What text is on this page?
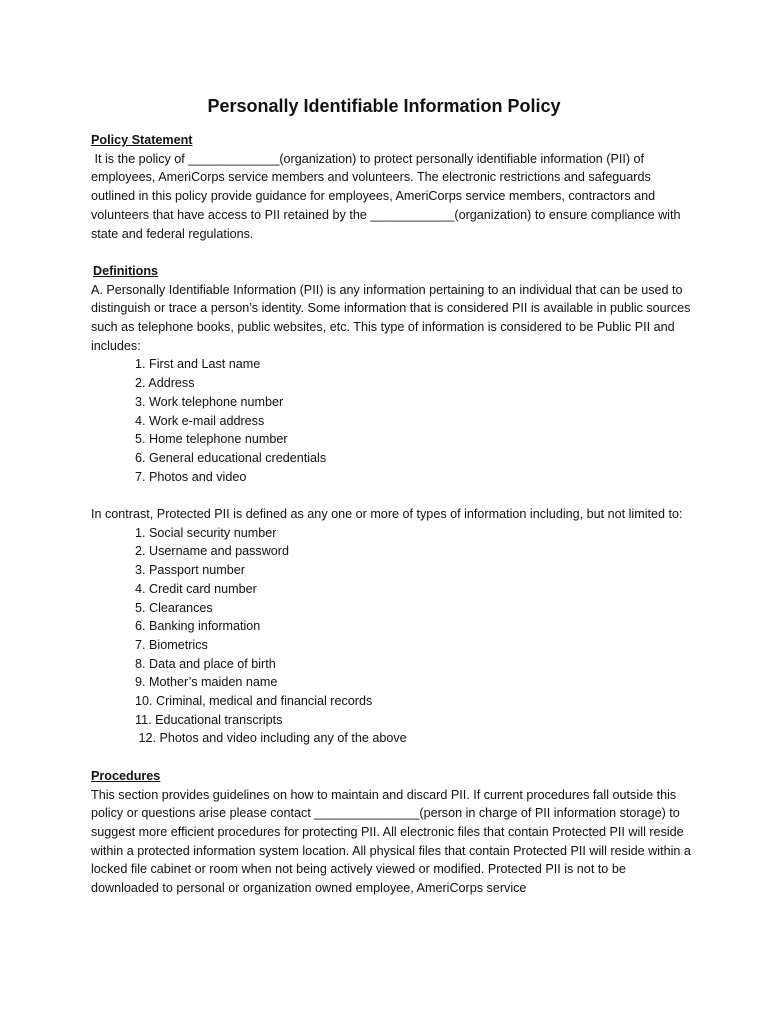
Personally Identifiable Information Policy
Policy Statement

It is the policy of _____________(organization) to protect personally identifiable information (PII) of employees, AmeriCorps service members and volunteers. The electronic restrictions and safeguards outlined in this policy provide guidance for employees, AmeriCorps service members, contractors and volunteers that have access to PII retained by the ____________(organization) to ensure compliance with state and federal regulations.

Definitions

A. Personally Identifiable Information (PII) is any information pertaining to an individual that can be used to distinguish or trace a person’s identity. Some information that is considered PII is available in public sources such as telephone books, public websites, etc. This type of information is considered to be Public PII and includes:

1. First and Last name
2. Address
3. Work telephone number
4. Work e-mail address
5. Home telephone number
6. General educational credentials
7. Photos and video

In contrast, Protected PII is defined as any one or more of types of information including, but not limited to:

1. Social security number
2. Username and password
3. Passport number
4. Credit card number
5. Clearances
6. Banking information
7. Biometrics
8. Data and place of birth
9. Mother’s maiden name
10. Criminal, medical and financial records
11. Educational transcripts
12. Photos and video including any of the above
Procedures

This section provides guidelines on how to maintain and discard PII. If current procedures fall outside this policy or questions arise please contact _______________(person in charge of PII information storage) to suggest more efficient procedures for protecting PII. All electronic files that contain Protected PII will reside within a protected information system location. All physical files that contain Protected PII will reside within a locked file cabinet or room when not being actively viewed or modified. Protected PII is not to be downloaded to personal or organization owned employee, AmeriCorps service
